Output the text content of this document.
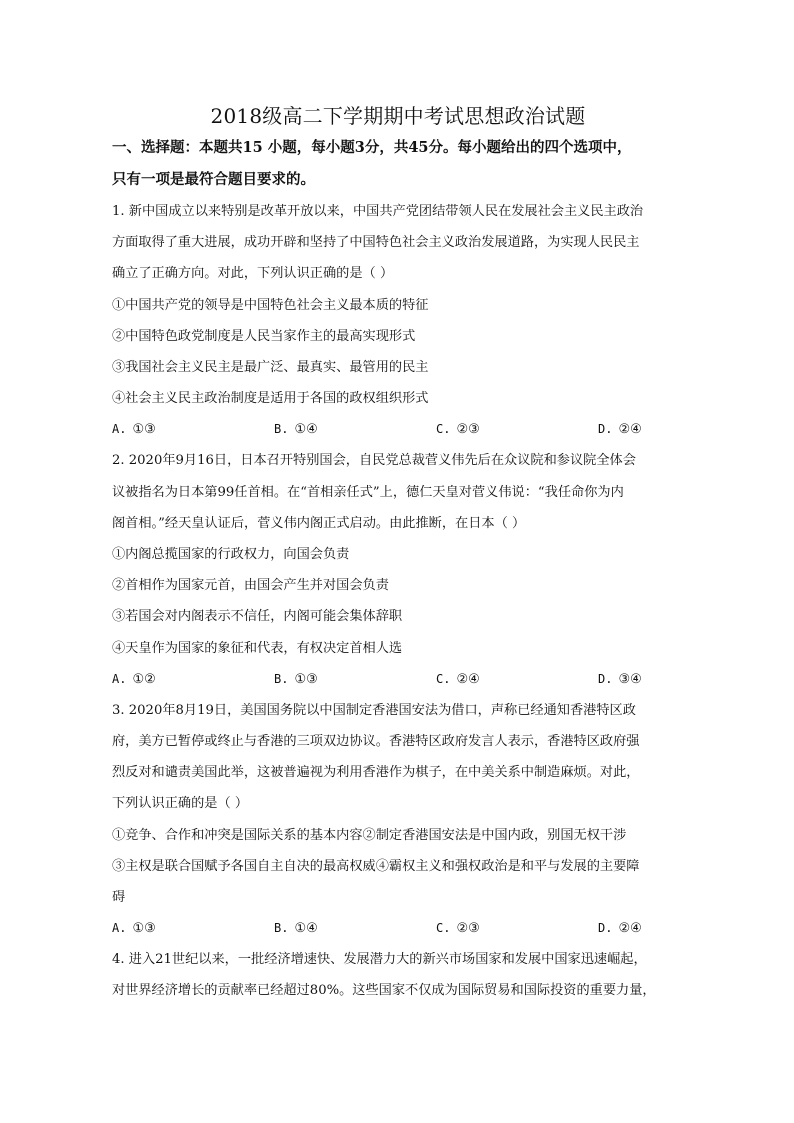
2018级高二下学期期中考试思想政治试题
一、选择题：本题共15 小题，每小题3分，共45分。每小题给出的四个选项中，
只有一项是最符合题目要求的。

1. 新中国成立以来特别是改革开放以来，中国共产党团结带领人民在发展社会主义民主政治

方面取得了重大进展，成功开辟和坚持了中国特色社会主义政治发展道路，为实现人民民主

确立了正确方向。对此，下列认识正确的是（ ）

①中国共产党的领导是中国特色社会主义最本质的特征

②中国特色政党制度是人民当家作主的最高实现形式

③我国社会主义民主是最广泛、最真实、最管用的民主

④社会主义民主政治制度是适用于各国的政权组织形式

A. ①③	B. ①④	C. ②③	D. ②④

2. 2020年9月16日，日本召开特别国会，自民党总裁菅义伟先后在众议院和参议院全体会

议被指名为日本第99任首相。在“首相亲任式”上，德仁天皇对菅义伟说：“我任命你为内

阁首相。”经天皇认证后，菅义伟内阁正式启动。由此推断，在日本（ ）

①内阁总揽国家的行政权力，向国会负责

②首相作为国家元首，由国会产生并对国会负责

③若国会对内阁表示不信任，内阁可能会集体辞职

④天皇作为国家的象征和代表，有权决定首相人选

A. ①②	B. ①③	C. ②④	D. ③④

3. 2020年8月19日，美国国务院以中国制定香港国安法为借口，声称已经通知香港特区政

府，美方已暂停或终止与香港的三项双边协议。香港特区政府发言人表示，香港特区政府强

烈反对和谴责美国此举，这被普遍视为利用香港作为棋子，在中美关系中制造麻烦。对此，

下列认识正确的是（ ）

①竞争、合作和冲突是国际关系的基本内容②制定香港国安法是中国内政，别国无权干涉

③主权是联合国赋予各国自主自决的最高权威④霸权主义和强权政治是和平与发展的主要障

碍

A. ①③	B. ①④	C. ②③	D. ②④

4. 进入21世纪以来，一批经济增速快、发展潜力大的新兴市场国家和发展中国家迅速崛起，

对世界经济增长的贡献率已经超过80%。这些国家不仅成为国际贸易和国际投资的重要力量，
